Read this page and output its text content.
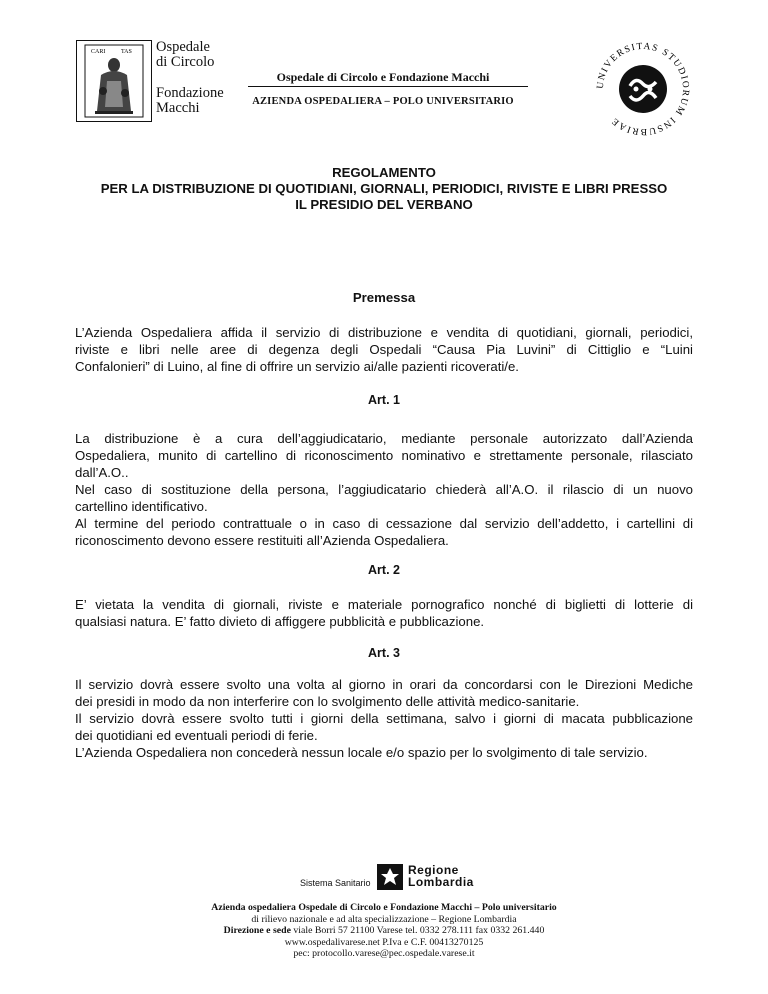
CARI	TAS Ospedale
di Circolo
Fondazione
Macchi
Ospedale di Circolo e Fondazione Macchi
AZIENDA OSPEDALIERA – POLO UNIVERSITARIO
UNIVERSITAS STUDIORUM INSUBRIAE
REGOLAMENTO
PER LA DISTRIBUZIONE DI QUOTIDIANI, GIORNALI, PERIODICI, RIVISTE E LIBRI PRESSO
IL PRESIDIO DEL VERBANO
Premessa
L’Azienda Ospedaliera affida il servizio di distribuzione e vendita di quotidiani, giornali, periodici,
riviste e libri nelle aree di degenza degli Ospedali “Causa Pia Luvini” di Cittiglio e “Luini
Confalonieri” di Luino, al fine di offrire un servizio ai/alle pazienti ricoverati/e.
Art. 1
La distribuzione è a cura dell’aggiudicatario, mediante personale autorizzato dall’Azienda
Ospedaliera, munito di cartellino di riconoscimento nominativo e strettamente personale, rilasciato
dall’A.O..
Nel caso di sostituzione della persona, l’aggiudicatario chiederà all’A.O. il rilascio di un nuovo
cartellino identificativo.
Al termine del periodo contrattuale o in caso di cessazione dal servizio dell’addetto, i cartellini di
riconoscimento devono essere restituiti all’Azienda Ospedaliera.
Art. 2
E’ vietata la vendita di giornali, riviste e materiale pornografico nonché di biglietti di lotterie di
qualsiasi natura. E’ fatto divieto di affiggere pubblicità e pubblicazione.
Art. 3
Il servizio dovrà essere svolto una volta al giorno in orari da concordarsi con le Direzioni Mediche
dei presidi in modo da non interferire con lo svolgimento delle attività medico-sanitarie.
Il servizio dovrà essere svolto tutti i giorni della settimana, salvo i giorni di macata pubblicazione
dei quotidiani ed eventuali periodi di ferie.
L’Azienda Ospedaliera non concederà nessun locale e/o spazio per lo svolgimento di tale servizio.
Sistema Sanitario
Regione
Lombardia
Azienda ospedaliera Ospedale di Circolo e Fondazione Macchi – Polo universitario
di rilievo nazionale e ad alta specializzazione – Regione Lombardia
Direzione e sede viale Borri 57 21100 Varese tel. 0332 278.111 fax 0332 261.440
www.ospedalivarese.net P.Iva e C.F. 00413270125
pec: protocollo.varese@pec.ospedale.varese.it
